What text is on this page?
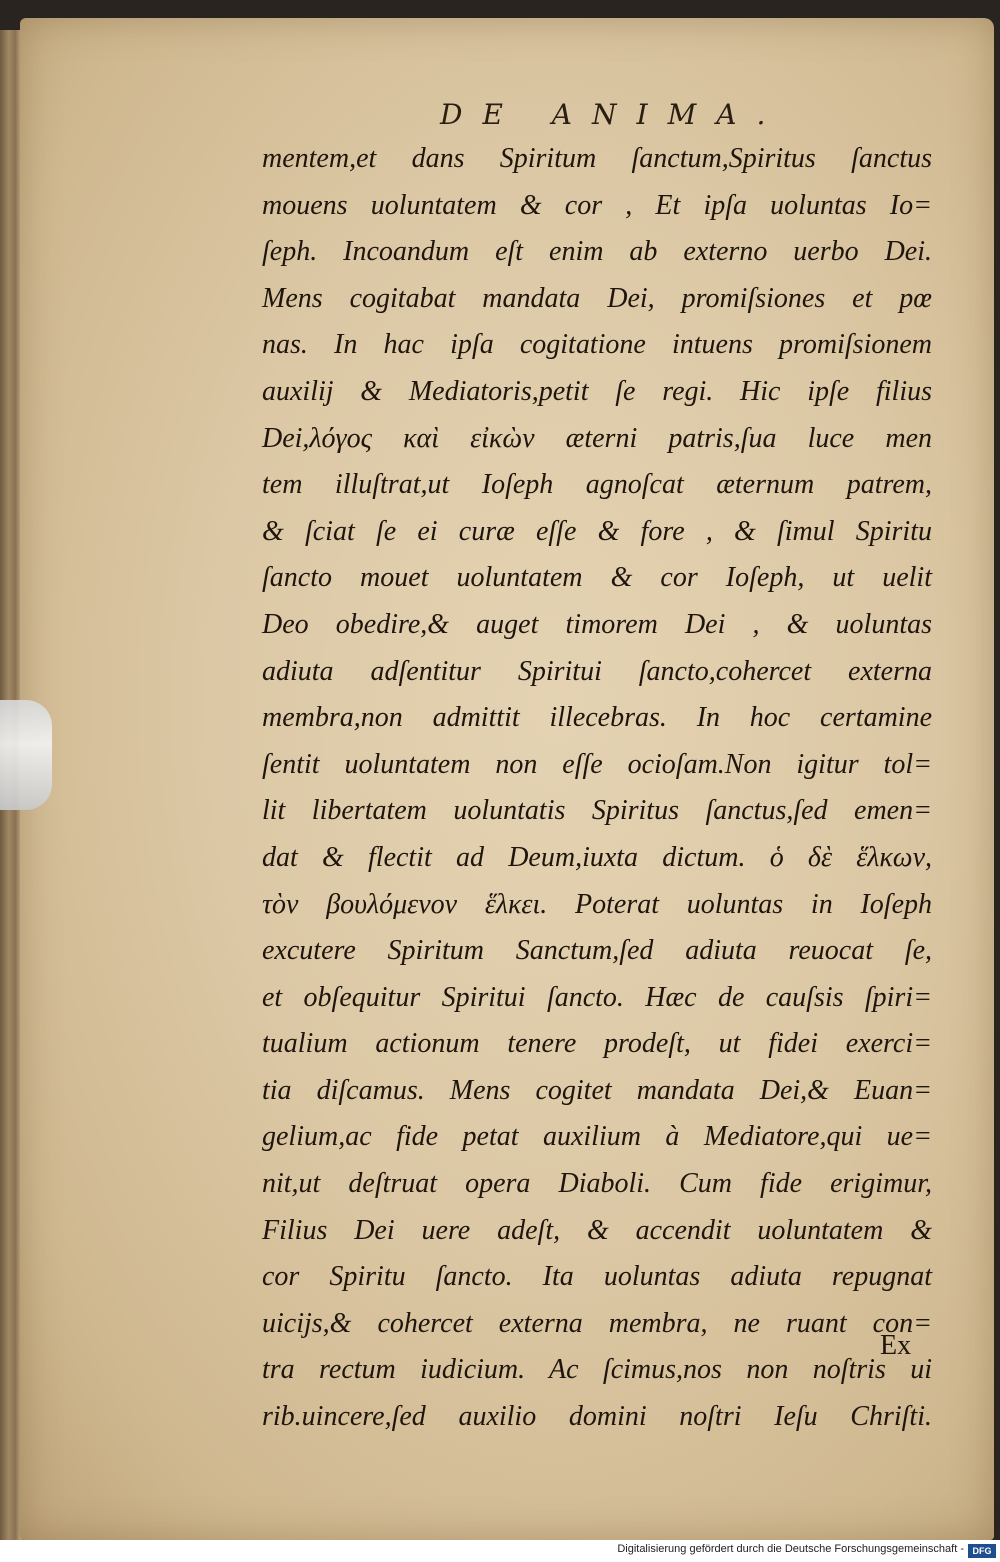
DE ANIMA.
mentem,et dans Spiritum ſanctum,Spiritus ſanctus
mouens uoluntatem & cor , Et ipſa uoluntas Io=
ſeph. Incoandum eſt enim ab externo uerbo Dei.
Mens cogitabat mandata Dei, promiſsiones et pœ
nas. In hac ipſa cogitatione intuens promiſsionem
auxilij & Mediatoris,petit ſe regi. Hic ipſe filius
Dei,λόγος καὶ εἰκὼν æterni patris,ſua luce men
tem illuſtrat,ut Ioſeph agnoſcat æternum patrem,
& ſciat ſe ei curæ eſſe & fore , & ſimul Spiritu
ſancto mouet uoluntatem & cor Ioſeph, ut uelit
Deo obedire,& auget timorem Dei , & uoluntas
adiuta adſentitur Spiritui ſancto,cohercet externa
membra,non admittit illecebras. In hoc certamine
ſentit uoluntatem non eſſe ocioſam.Non igitur tol=
lit libertatem uoluntatis Spiritus ſanctus,ſed emen=
dat & flectit ad Deum,iuxta dictum. ὁ δὲ ἕλκων,
τὸν βουλόμενον ἕλκει. Poterat uoluntas in Ioſeph
excutere Spiritum Sanctum,ſed adiuta reuocat ſe,
et obſequitur Spiritui ſancto. Hæc de cauſsis ſpiri=
tualium actionum tenere prodeſt, ut fidei exerci=
tia diſcamus. Mens cogitet mandata Dei,& Euan=
gelium,ac fide petat auxilium à Mediatore,qui ue=
nit,ut deſtruat opera Diaboli. Cum fide erigimur,
Filius Dei uere adeſt, & accendit uoluntatem &
cor Spiritu ſancto. Ita uoluntas adiuta repugnat
uicijs,& cohercet externa membra, ne ruant con=
tra rectum iudicium. Ac ſcimus,nos non noſtris ui
rib.uincere,ſed auxilio domini noſtri Ieſu Chriſti.
Ex
Digitalisierung gefördert durch die Deutsche Forschungsgemeinschaft - DFG
